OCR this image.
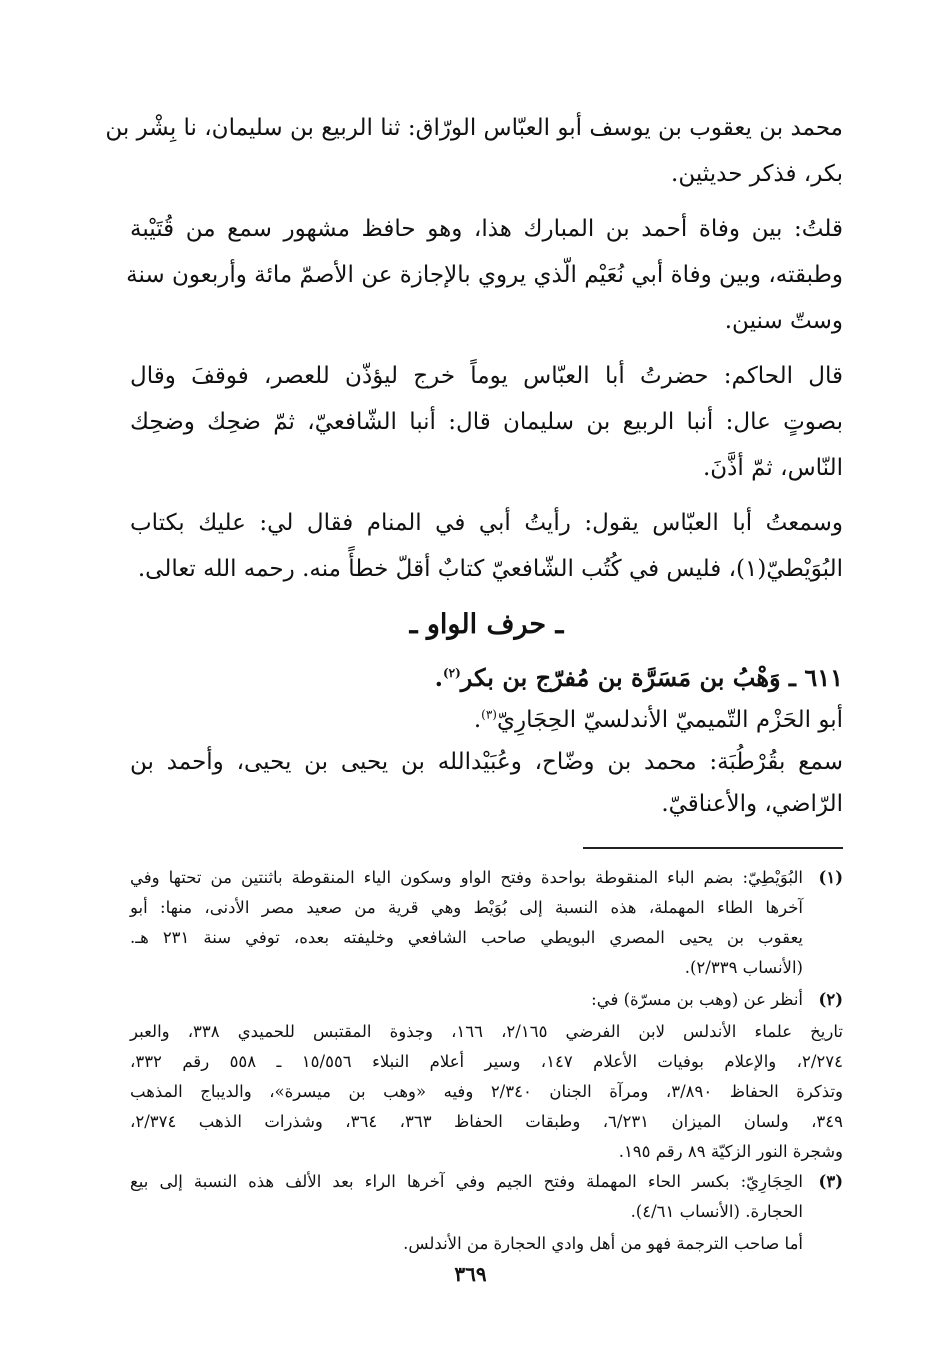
محمد بن يعقوب بن يوسف أبو العبّاس الورّاق: ثنا الربيع بن سليمان، نا بِشْر بن
بكر، فذكر حديثين.
قلتُ: بين وفاة أحمد بن المبارك هذا، وهو حافظ مشهور سمع من قُتَيْبة
وطبقته، وبين وفاة أبي نُعَيْم الّذي يروي بالإجازة عن الأصمّ مائة وأربعون سنة
وستّ سنين.
قال الحاكم: حضرتُ أبا العبّاس يوماً خرج ليؤذّن للعصر، فوقفَ وقال
بصوتٍ عال: أنبا الربيع بن سليمان قال: أنبا الشّافعيّ، ثمّ ضحِك وضحِك
النّاس، ثمّ أذَّنَ.
وسمعتُ أبا العبّاس يقول: رأيتُ أبي في المنام فقال لي: عليك بكتاب
البُوَيْطيّ(١)، فليس في كُتُب الشّافعيّ كتابٌ أقلّ خطأً منه. رحمه الله تعالى.
ـ حرف الواو ـ
٦١١ ـ وَهْبُ بن مَسَرَّة بن مُفرّج بن بكر$^{(٢)}$.
أبو الحَزْم التّميميّ الأندلسيّ الحِجَارِيّ$^{(٣)}$.
سمع بقُرْطُبَة: محمد بن وضّاح، وعُبَيْدالله بن يحيى بن يحيى، وأحمد بن
الرّاضي، والأعناقيّ.
(١)
البُوَيْطِيّ: بضم الباء المنقوطة بواحدة وفتح الواو وسكون الياء المنقوطة باثنتين من تحتها وفي
آخرها الطاء المهملة، هذه النسبة إلى بُوَيْط وهي قرية من صعيد مصر الأدنى، منها: أبو
يعقوب بن يحيى المصري البويطي صاحب الشافعي وخليفته بعده، توفي سنة ٢٣١ هـ.
(الأنساب ٢/٣٣٩).
(٢)
أنظر عن (وهب بن مسرّة) في:
تاريخ علماء الأندلس لابن الفرضي ٢/١٦٥، ١٦٦، وجذوة المقتبس للحميدي ٣٣٨، والعبر
٢/٢٧٤، والإعلام بوفيات الأعلام ١٤٧، وسير أعلام النبلاء ١٥/٥٥٦ ـ ٥٥٨ رقم ٣٣٢،
وتذكرة الحفاظ ٣/٨٩٠، ومرآة الجنان ٢/٣٤٠ وفيه «وهب بن ميسرة»، والديباج المذهب
٣٤٩، ولسان الميزان ٦/٢٣١، وطبقات الحفاظ ٣٦٣، ٣٦٤، وشذرات الذهب ٢/٣٧٤،
وشجرة النور الزكيّة ٨٩ رقم ١٩٥.
(٣)
الحِجَارِيّ: بكسر الحاء المهملة وفتح الجيم وفي آخرها الراء بعد الألف هذه النسبة إلى بيع
الحجارة. (الأنساب ٤/٦١).
أما صاحب الترجمة فهو من أهل وادي الحجارة من الأندلس.
٣٦٩
